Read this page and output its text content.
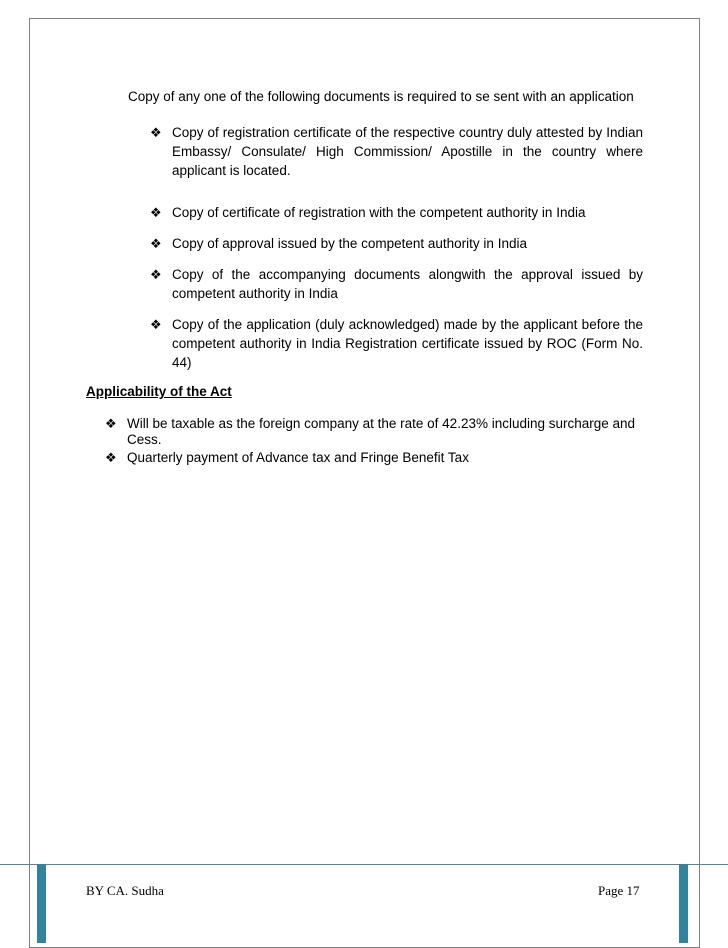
Copy of any one of the following documents is required to se sent with an application
❖ Copy of registration certificate of the respective country duly attested by Indian Embassy/ Consulate/ High Commission/ Apostille in the country where applicant is located.
❖ Copy of certificate of registration with the competent authority in India
❖ Copy of approval issued by the competent authority in India
❖ Copy of the accompanying documents alongwith the approval issued by competent authority in India
❖ Copy of the application (duly acknowledged) made by the applicant before the competent authority in India Registration certificate issued by ROC (Form No. 44)
Applicability of the Act
❖ Will be taxable as the foreign company at the rate of 42.23% including surcharge and Cess.
❖ Quarterly payment of Advance tax and Fringe Benefit Tax
BY CA. Sudha	Page 17
